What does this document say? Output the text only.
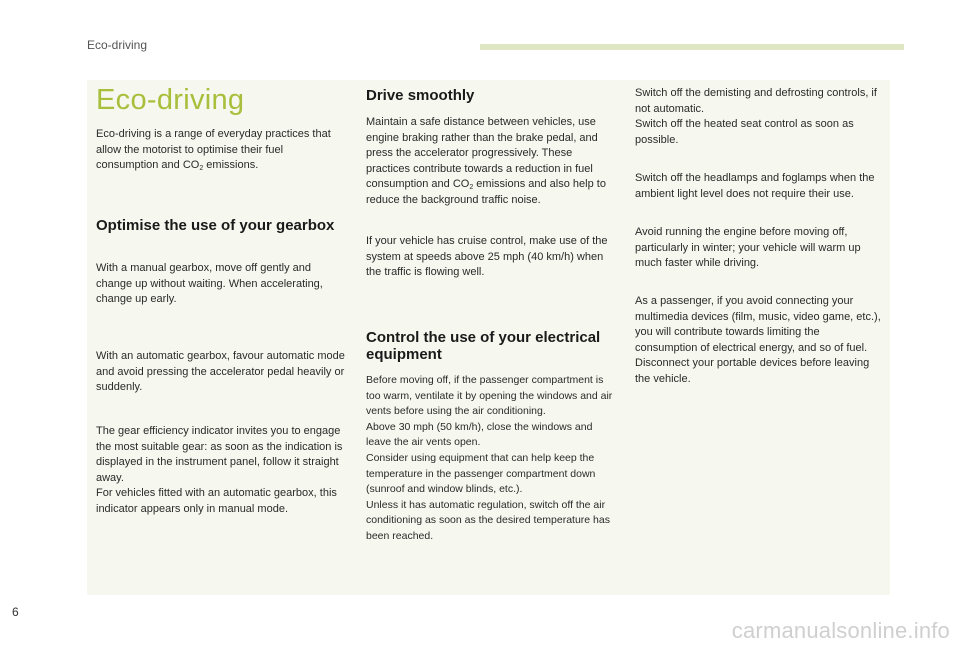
Eco-driving
Eco-driving

Eco-driving is a range of everyday practices that allow the motorist to optimise their fuel consumption and $CO_2$ emissions.

Optimise the use of your gearbox

With a manual gearbox, move off gently and change up without waiting. When accelerating, change up early.

With an automatic gearbox, favour automatic mode and avoid pressing the accelerator pedal heavily or suddenly.

The gear efficiency indicator invites you to engage the most suitable gear: as soon as the indication is displayed in the instrument panel, follow it straight away.
For vehicles fitted with an automatic gearbox, this indicator appears only in manual mode.

Drive smoothly

Maintain a safe distance between vehicles, use engine braking rather than the brake pedal, and press the accelerator progressively. These practices contribute towards a reduction in fuel consumption and $CO_2$ emissions and also help to reduce the background traffic noise.

If your vehicle has cruise control, make use of the system at speeds above 25 mph (40 km/h) when the traffic is flowing well.

Control the use of your electrical equipment

Before moving off, if the passenger compartment is too warm, ventilate it by opening the windows and air vents before using the air conditioning.
Above 30 mph (50 km/h), close the windows and leave the air vents open.
Consider using equipment that can help keep the temperature in the passenger compartment down (sunroof and window blinds, etc.).
Unless it has automatic regulation, switch off the air conditioning as soon as the desired temperature has been reached.

Switch off the demisting and defrosting controls, if not automatic.
Switch off the heated seat control as soon as possible.

Switch off the headlamps and foglamps when the ambient light level does not require their use.

Avoid running the engine before moving off, particularly in winter; your vehicle will warm up much faster while driving.

As a passenger, if you avoid connecting your multimedia devices (film, music, video game, etc.), you will contribute towards limiting the consumption of electrical energy, and so of fuel.
Disconnect your portable devices before leaving the vehicle.

6
carmanualsonline.info
